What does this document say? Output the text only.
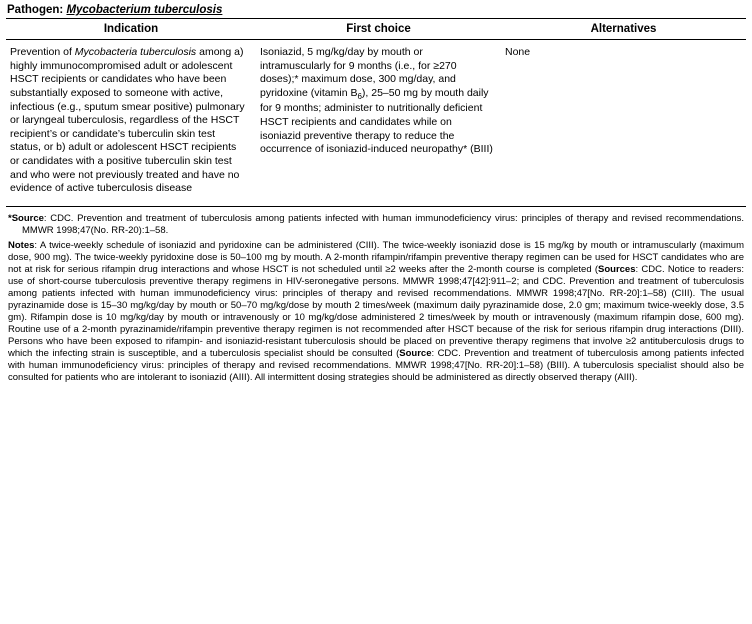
Pathogen: Mycobacterium tuberculosis
Indication	First choice	Alternatives
Prevention of Mycobacteria tuberculosis among a) highly immunocompromised adult or adolescent HSCT recipients or candidates who have been substantially exposed to someone with active, infectious (e.g., sputum smear positive) pulmonary or laryngeal tuberculosis, regardless of the HSCT recipient’s or candidate’s tuberculin skin test status, or b) adult or adolescent HSCT recipients or candidates with a positive tuberculin skin test and who were not previously treated and have no evidence of active tuberculosis disease	Isoniazid, 5 mg/kg/day by mouth or intramuscularly for 9 months (i.e., for ≥270 doses);* maximum dose, 300 mg/day, and pyridoxine (vitamin $B_6$), 25–50 mg by mouth daily for 9 months; administer to nutritionally deficient HSCT recipients and candidates while on isoniazid preventive therapy to reduce the occurrence of isoniazid-induced neuropathy* (BIII)	None
*Source: CDC. Prevention and treatment of tuberculosis among patients infected with human immunodeficiency virus: principles of therapy and revised recommendations. MMWR 1998;47(No. RR-20):1–58.
Notes: A twice-weekly schedule of isoniazid and pyridoxine can be administered (CIII). The twice-weekly isoniazid dose is 15 mg/kg by mouth or intramuscularly (maximum dose, 900 mg). The twice-weekly pyridoxine dose is 50–100 mg by mouth. A 2-month rifampin/rifampin preventive therapy regimen can be used for HSCT candidates who are not at risk for serious rifampin drug interactions and whose HSCT is not scheduled until ≥2 weeks after the 2-month course is completed (Sources: CDC. Notice to readers: use of short-course tuberculosis preventive therapy regimens in HIV-seronegative persons. MMWR 1998;47[42]:911–2; and CDC. Prevention and treatment of tuberculosis among patients infected with human immunodeficiency virus: principles of therapy and revised recommendations. MMWR 1998;47[No. RR-20]:1–58) (CIII). The usual pyrazinamide dose is 15–30 mg/kg/day by mouth or 50–70 mg/kg/dose by mouth 2 times/week (maximum daily pyrazinamide dose, 2.0 gm; maximum twice-weekly dose, 3.5 gm). Rifampin dose is 10 mg/kg/day by mouth or intravenously or 10 mg/kg/dose administered 2 times/week by mouth or intravenously (maximum rifampin dose, 600 mg). Routine use of a 2-month pyrazinamide/rifampin preventive therapy regimen is not recommended after HSCT because of the risk for serious rifampin drug interactions (DIII). Persons who have been exposed to rifampin- and isoniazid-resistant tuberculosis should be placed on preventive therapy regimens that involve ≥2 antituberculosis drugs to which the infecting strain is susceptible, and a tuberculosis specialist should be consulted (Source: CDC. Prevention and treatment of tuberculosis among patients infected with human immunodeficiency virus: principles of therapy and revised recommendations. MMWR 1998;47[No. RR-20]:1–58) (BIII). A tuberculosis specialist should also be consulted for patients who are intolerant to isoniazid (AIII). All intermittent dosing strategies should be administered as directly observed therapy (AIII).
